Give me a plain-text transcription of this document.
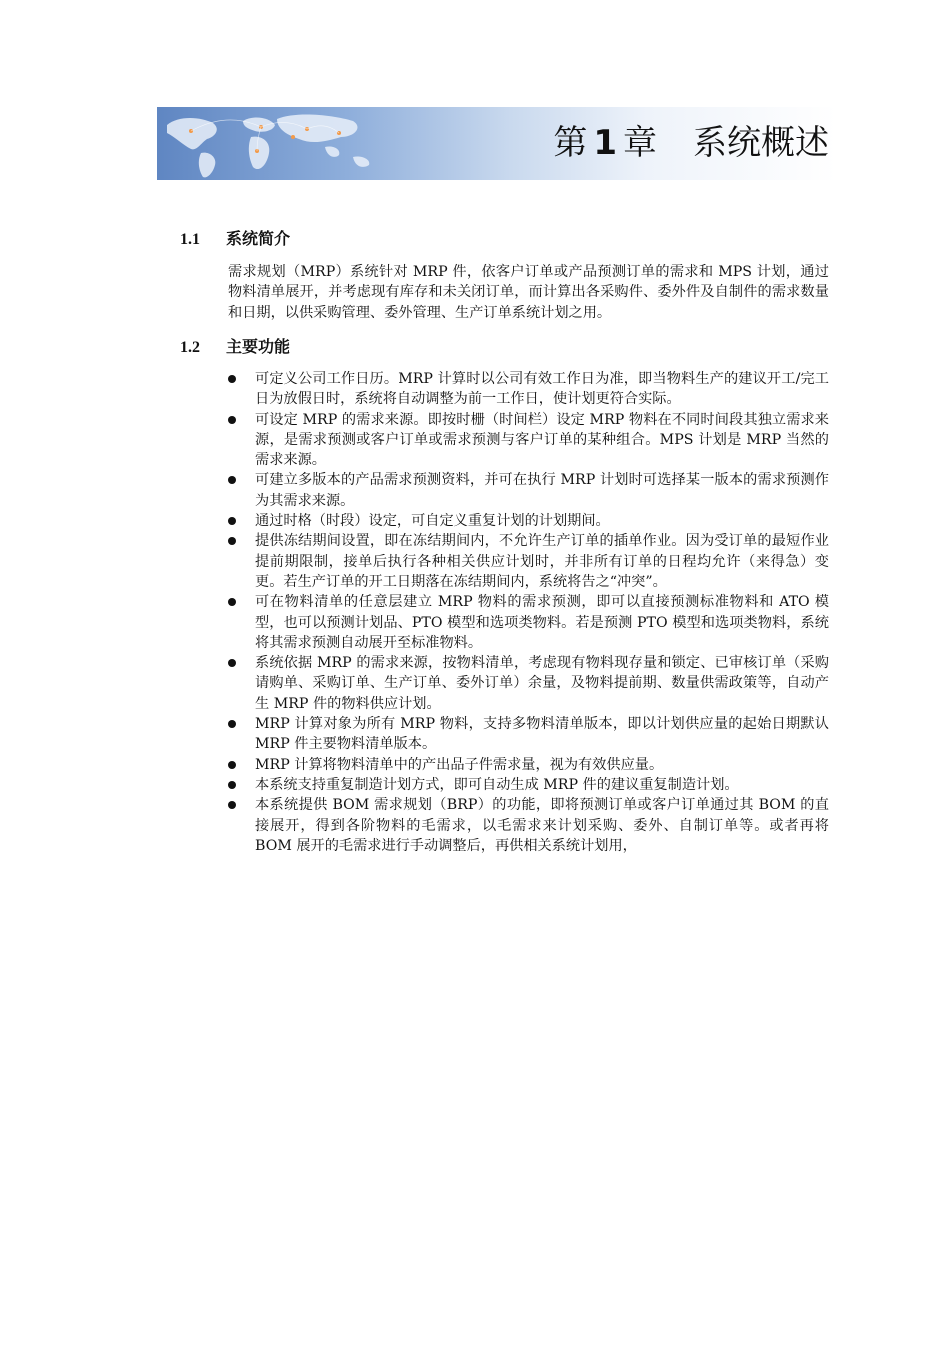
第 1 章 系统概述
1.1 系统简介
需求规划（MRP）系统针对 MRP 件，依客户订单或产品预测订单的需求和 MPS 计划，通过物料清单展开，并考虑现有库存和未关闭订单，而计算出各采购件、委外件及自制件的需求数量和日期，以供采购管理、委外管理、生产订单系统计划之用。
1.2 主要功能
可定义公司工作日历。MRP 计算时以公司有效工作日为准，即当物料生产的建议开工/完工日为放假日时，系统将自动调整为前一工作日，使计划更符合实际。
可设定 MRP 的需求来源。即按时栅（时间栏）设定 MRP 物料在不同时间段其独立需求来源，是需求预测或客户订单或需求预测与客户订单的某种组合。MPS 计划是 MRP 当然的需求来源。
可建立多版本的产品需求预测资料，并可在执行 MRP 计划时可选择某一版本的需求预测作为其需求来源。
通过时格（时段）设定，可自定义重复计划的计划期间。
提供冻结期间设置，即在冻结期间内，不允许生产订单的插单作业。因为受订单的最短作业提前期限制，接单后执行各种相关供应计划时，并非所有订单的日程均允许（来得急）变更。若生产订单的开工日期落在冻结期间内，系统将告之“冲突”。
可在物料清单的任意层建立 MRP 物料的需求预测，即可以直接预测标准物料和 ATO 模型，也可以预测计划品、PTO 模型和选项类物料。若是预测 PTO 模型和选项类物料，系统将其需求预测自动展开至标准物料。
系统依据 MRP 的需求来源，按物料清单，考虑现有物料现存量和锁定、已审核订单（采购请购单、采购订单、生产订单、委外订单）余量，及物料提前期、数量供需政策等，自动产生 MRP 件的物料供应计划。
MRP 计算对象为所有 MRP 物料，支持多物料清单版本，即以计划供应量的起始日期默认 MRP 件主要物料清单版本。
MRP 计算将物料清单中的产出品子件需求量，视为有效供应量。
本系统支持重复制造计划方式，即可自动生成 MRP 件的建议重复制造计划。
本系统提供 BOM 需求规划（BRP）的功能，即将预测订单或客户订单通过其 BOM 的直接展开，得到各阶物料的毛需求，以毛需求来计划采购、委外、自制订单等。或者再将 BOM 展开的毛需求进行手动调整后，再供相关系统计划用，
